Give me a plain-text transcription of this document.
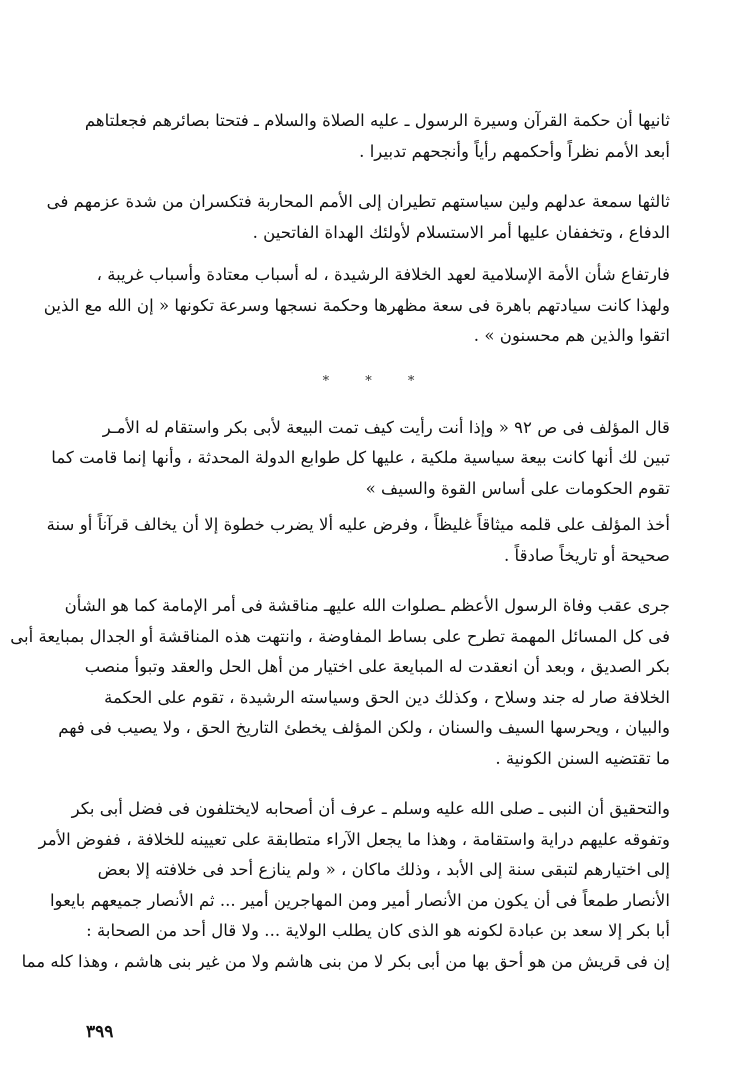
ثانيها أن حكمة القرآن وسيرة الرسول ـ عليه الصلاة والسلام ـ فتحتا بصائرهم فجعلتاهم
أبعد الأمم نظراً وأحكمهم رأياً وأنجحهم تدبيرا .
ثالثها سمعة عدلهم ولين سياستهم تطيران إلى الأمم المحاربة فتكسران من شدة عزمهم فى
الدفاع ، وتخففان عليها أمر الاستسلام لأولئك الهداة الفاتحين .
فارتفاع شأن الأمة الإسلامية لعهد الخلافة الرشيدة ، له أسباب معتادة وأسباب غريبة ،
ولهذا كانت سيادتهم باهرة فى سعة مظهرها وحكمة نسجها وسرعة تكونها « إن الله مع الذين
اتقوا والذين هم محسنون » .
* * *
قال المؤلف فى ص ٩٢ « وإذا أنت رأيت كيف تمت البيعة لأبى بكر واستقام له الأمـر
تبين لك أنها كانت بيعة سياسية ملكية ، عليها كل طوابع الدولة المحدثة ، وأنها إنما قامت كما
تقوم الحكومات على أساس القوة والسيف »
أخذ المؤلف على قلمه ميثاقاً غليظاً ، وفرض عليه ألا يضرب خطوة إلا أن يخالف قرآناً أو سنة
صحيحة أو تاريخاً صادقاً .
جرى عقب وفاة الرسول الأعظم ـصلوات الله عليهـ مناقشة فى أمر الإمامة كما هو الشأن
فى كل المسائل المهمة تطرح على بساط المفاوضة ، وانتهت هذه المناقشة أو الجدال بمبايعة أبى
بكر الصديق ، وبعد أن انعقدت له المبايعة على اختيار من أهل الحل والعقد وتبوأ منصب
الخلافة صار له جند وسلاح ، وكذلك دين الحق وسياسته الرشيدة ، تقوم على الحكمة
والبيان ، ويحرسها السيف والسنان ، ولكن المؤلف يخطئ التاريخ الحق ، ولا يصيب فى فهم
ما تقتضيه السنن الكونية .
والتحقيق أن النبى ـ صلى الله عليه وسلم ـ عرف أن أصحابه لايختلفون فى فضل أبى بكر
وتفوقه عليهم دراية واستقامة ، وهذا ما يجعل الآراء متطابقة على تعيينه للخلافة ، ففوض الأمر
إلى اختيارهم لتبقى سنة إلى الأبد ، وذلك ماكان ، « ولم ينازع أحد فى خلافته إلا بعض
الأنصار طمعاً فى أن يكون من الأنصار أمير ومن المهاجرين أمير ... ثم الأنصار جميعهم بايعوا
أبا بكر إلا سعد بن عبادة لكونه هو الذى كان يطلب الولاية ... ولا قال أحد من الصحابة :
إن فى قريش من هو أحق بها من أبى بكر لا من بنى هاشم ولا من غير بنى هاشم ، وهذا كله مما
٣٩٩
